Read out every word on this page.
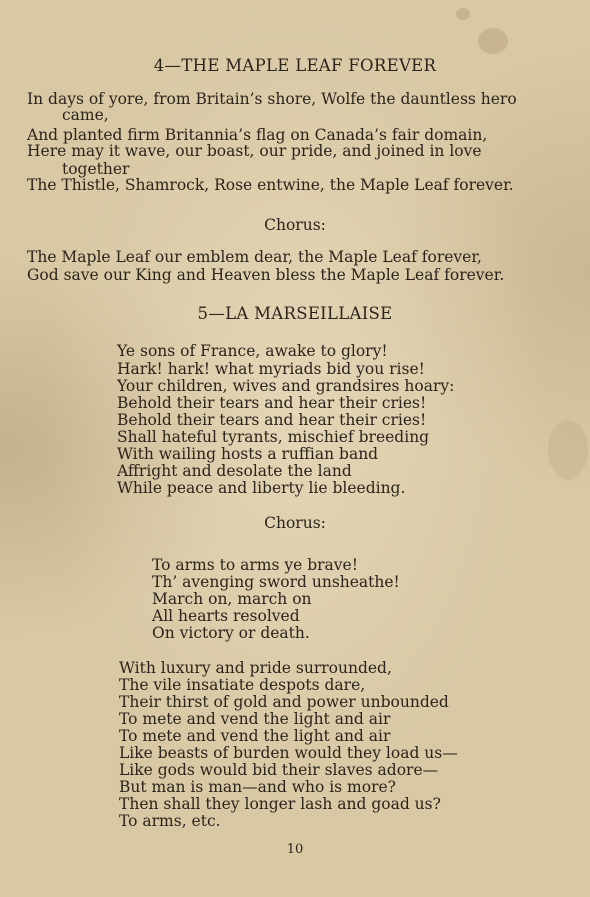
4—THE MAPLE LEAF FOREVER
In days of yore, from Britain’s shore, Wolfe the dauntless hero
came,
And planted firm Britannia’s flag on Canada’s fair domain,
Here may it wave, our boast, our pride, and joined in love
together
The Thistle, Shamrock, Rose entwine, the Maple Leaf forever.
Chorus:
The Maple Leaf our emblem dear, the Maple Leaf forever,
God save our King and Heaven bless the Maple Leaf forever.
5—LA MARSEILLAISE
Ye sons of France, awake to glory!
Hark! hark! what myriads bid you rise!
Your children, wives and grandsires hoary:
Behold their tears and hear their cries!
Behold their tears and hear their cries!
Shall hateful tyrants, mischief breeding
With wailing hosts a ruffian band
Affright and desolate the land
While peace and liberty lie bleeding.
Chorus:
To arms to arms ye brave!
Th’ avenging sword unsheathe!
March on, march on
All hearts resolved
On victory or death.
With luxury and pride surrounded,
The vile insatiate despots dare,
Their thirst of gold and power unbounded
To mete and vend the light and air
To mete and vend the light and air
Like beasts of burden would they load us—
Like gods would bid their slaves adore—
But man is man—and who is more?
Then shall they longer lash and goad us?
To arms, etc.
10
